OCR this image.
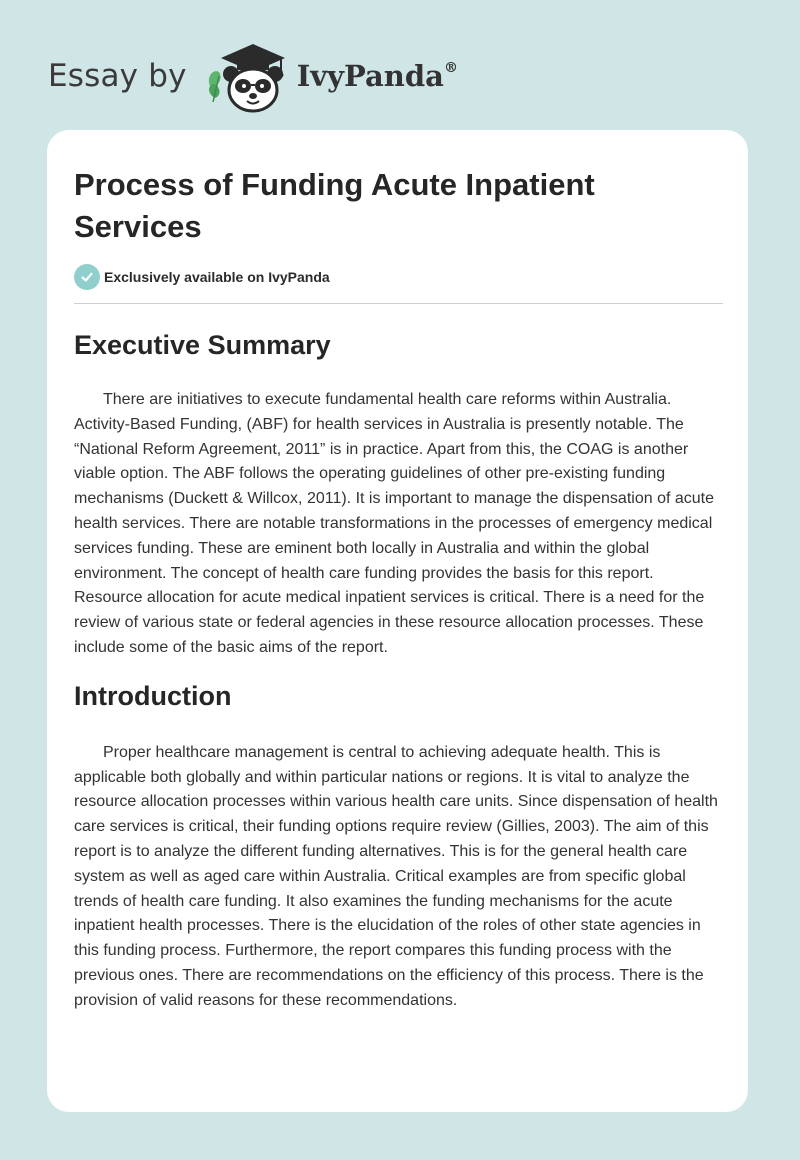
Essay by	IvyPanda®
Process of Funding Acute Inpatient Services
Exclusively available on IvyPanda
Executive Summary

There are initiatives to execute fundamental health care reforms within Australia. Activity-Based Funding, (ABF) for health services in Australia is presently notable. The “National Reform Agreement, 2011” is in practice. Apart from this, the COAG is another viable option. The ABF follows the operating guidelines of other pre-existing funding mechanisms (Duckett & Willcox, 2011). It is important to manage the dispensation of acute health services. There are notable transformations in the processes of emergency medical services funding. These are eminent both locally in Australia and within the global environment. The concept of health care funding provides the basis for this report. Resource allocation for acute medical inpatient services is critical. There is a need for the review of various state or federal agencies in these resource allocation processes. These include some of the basic aims of the report.

Introduction

Proper healthcare management is central to achieving adequate health. This is applicable both globally and within particular nations or regions. It is vital to analyze the resource allocation processes within various health care units. Since dispensation of health care services is critical, their funding options require review (Gillies, 2003). The aim of this report is to analyze the different funding alternatives. This is for the general health care system as well as aged care within Australia. Critical examples are from specific global trends of health care funding. It also examines the funding mechanisms for the acute inpatient health processes. There is the elucidation of the roles of other state agencies in this funding process. Furthermore, the report compares this funding process with the previous ones. There are recommendations on the efficiency of this process. There is the provision of valid reasons for these recommendations.
